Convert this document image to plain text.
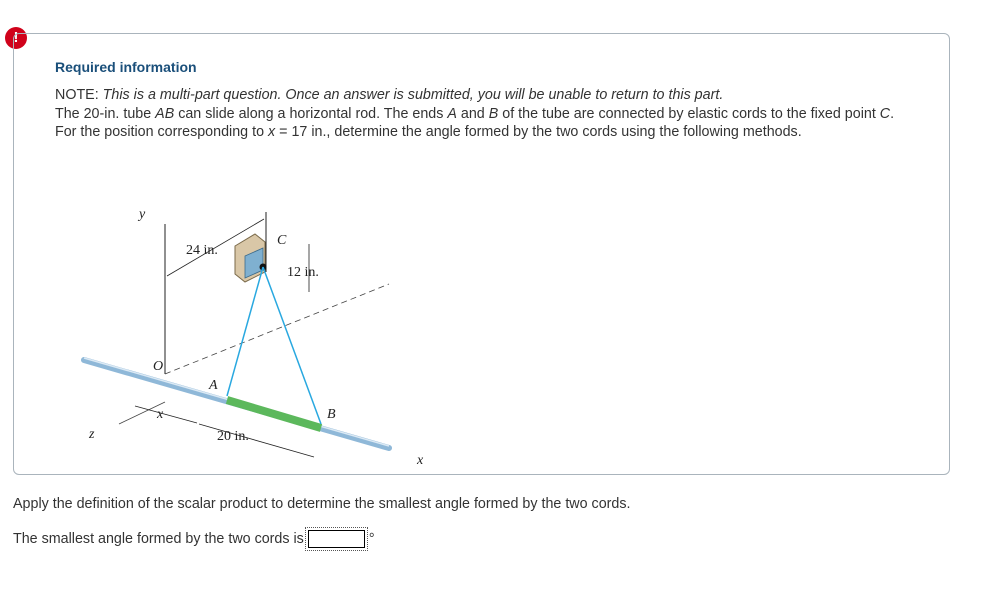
!
Required information
NOTE: This is a multi-part question. Once an answer is submitted, you will be unable to return to this part.
The 20-in. tube AB can slide along a horizontal rod. The ends A and B of the tube are connected by elastic cords to the fixed point C. For the position corresponding to x = 17 in., determine the angle formed by the two cords using the following methods.
y
24 in.
12 in.
C
O
A
B
z
x
x
20 in.
Apply the definition of the scalar product to determine the smallest angle formed by the two cords.
The smallest angle formed by the two cords is	°
